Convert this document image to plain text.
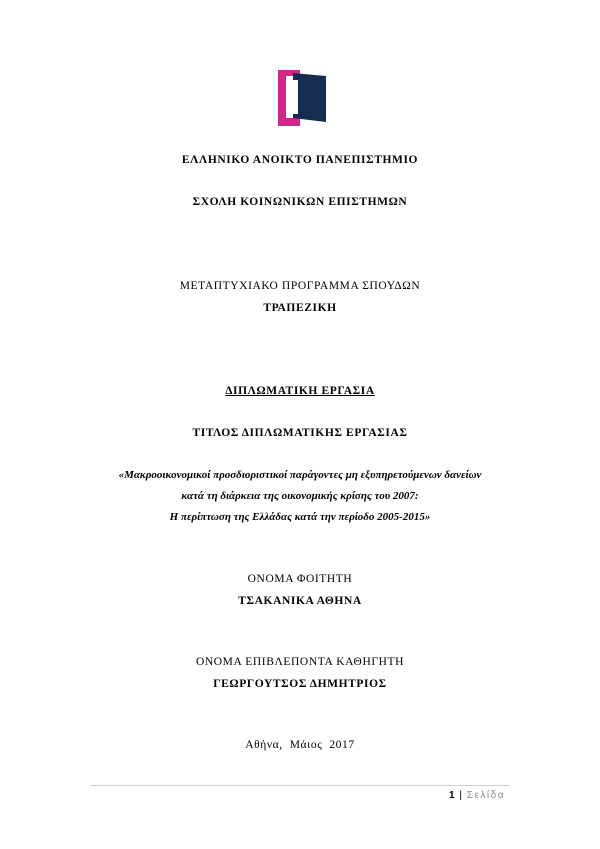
ΕΛΛΗΝΙΚΟ ΑΝΟΙΚΤΟ ΠΑΝΕΠΙΣΤΗΜΙΟ
ΣΧΟΛΗ ΚΟΙΝΩΝΙΚΩΝ ΕΠΙΣΤΗΜΩΝ
ΜΕΤΑΠΤΥΧΙΑΚΟ ΠΡΟΓΡΑΜΜΑ ΣΠΟΥΔΩΝ
ΤΡΑΠΕΖΙΚΗ
ΔΙΠΛΩΜΑΤΙΚΗ ΕΡΓΑΣΙΑ
ΤΙΤΛΟΣ ΔΙΠΛΩΜΑΤΙΚΗΣ ΕΡΓΑΣΙΑΣ
«Μακροοικονομικοί προσδιοριστικοί παράγοντες μη εξυπηρετούμενων δανείων
κατά τη διάρκεια της οικονομικής κρίσης του 2007:
Η περίπτωση της Ελλάδας κατά την περίοδο 2005-2015»
ΟΝΟΜΑ ΦΟΙΤΗΤΗ
ΤΣΑΚΑΝΙΚΑ ΑΘΗΝΑ
ΟΝΟΜΑ ΕΠΙΒΛΕΠΟΝΤΑ ΚΑΘΗΓΗΤΗ
ΓΕΩΡΓΟΥΤΣΟΣ ΔΗΜΗΤΡΙΟΣ
Αθήνα,  Μάιος  2017
1 | Σελίδα
